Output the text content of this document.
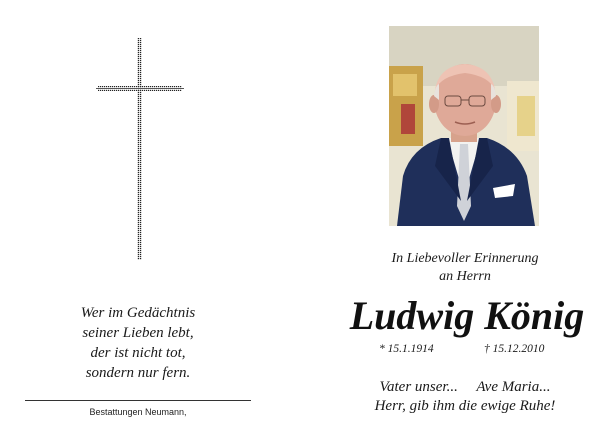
Wer im Gedächtnis
seiner Lieben lebt,
der ist nicht tot,
sondern nur fern.
Bestattungen Neumann,
In Liebevoller Erinnerung
an Herrn
Ludwig König
* 15.1.1914	† 15.12.2010
Vater unser...     Ave Maria...
Herr, gib ihm die ewige Ruhe!
